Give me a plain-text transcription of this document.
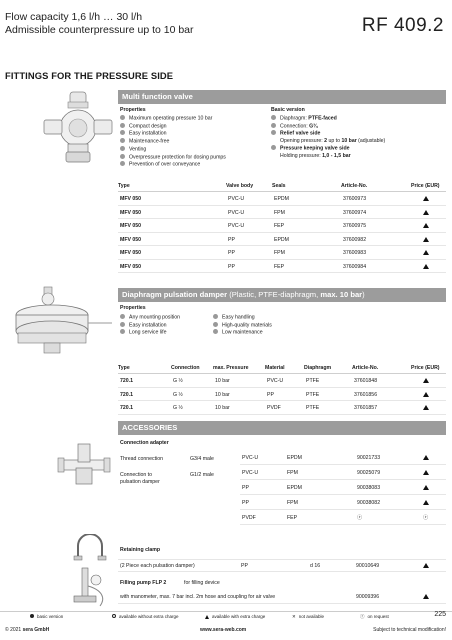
Flow capacity 1,6 l/h … 30 l/h
Admissible counterpressure up to 10 bar	RF 409.2
FITTINGS FOR THE PRESSURE SIDE
Multi function valve
Properties
Maximum operating pressure 10 bar
Compact design
Easy installation
Maintenance-free
Venting
Overpressure protection for dosing pumps
Prevention of over conveyance
Basic version
Diaphragm: PTFE-faced
Connection: G¾
Relief valve side
Opening pressure: 2 up to 10 bar (adjustable)
Pressure keeping valve side
Holding pressure: 1,0 - 1,5 bar
Type	Valve body	Seals	Article-No.	Price (EUR)
MFV 050	PVC-U	EPDM	37600973
MFV 050	PVC-U	FPM	37600974
MFV 050	PVC-U	FEP	37600975
MFV 050	PP	EPDM	37600982
MFV 050	PP	FPM	37600983
MFV 050	PP	FEP	37600984
Diaphragm pulsation damper (Plastic, PTFE-diaphragm, max. 10 bar)
Properties
Any mounting position
Easy installation
Long service life
Easy handling
High-quality materials
Low maintenance
Type	Connection	max. Pressure	Material	Diaphragm	Article-No.	Price (EUR)
720.1	G ½	10 bar	PVC-U	PTFE	37601848
720.1	G ½	10 bar	PP	PTFE	37601856
720.1	G ½	10 bar	PVDF	PTFE	37601857
ACCESSORIES
Connection adapter
Thread connection	G3/4 male
Connection to
pulsation damper
G1/2 male
PVC-U	EPDM	90021733
PVC-U	FPM	90025079
PP	EPDM	90038083
PP	FPM	90038082
PVDF	FEP	ⓡ	ⓡ
Retaining clamp
(2 Piece each pulsation damper)	PP	d 16	90010649
Filling pump FLP 2	for filling device
with manometer, max. 7 bar incl. 2m hose and coupling for air valve	90009396
basic version	available without extra charge	available with extra charge	✕ not available	ⓡ on request	225
© 2021 sera GmbH	www.sera-web.com	Subject to technical modification!
